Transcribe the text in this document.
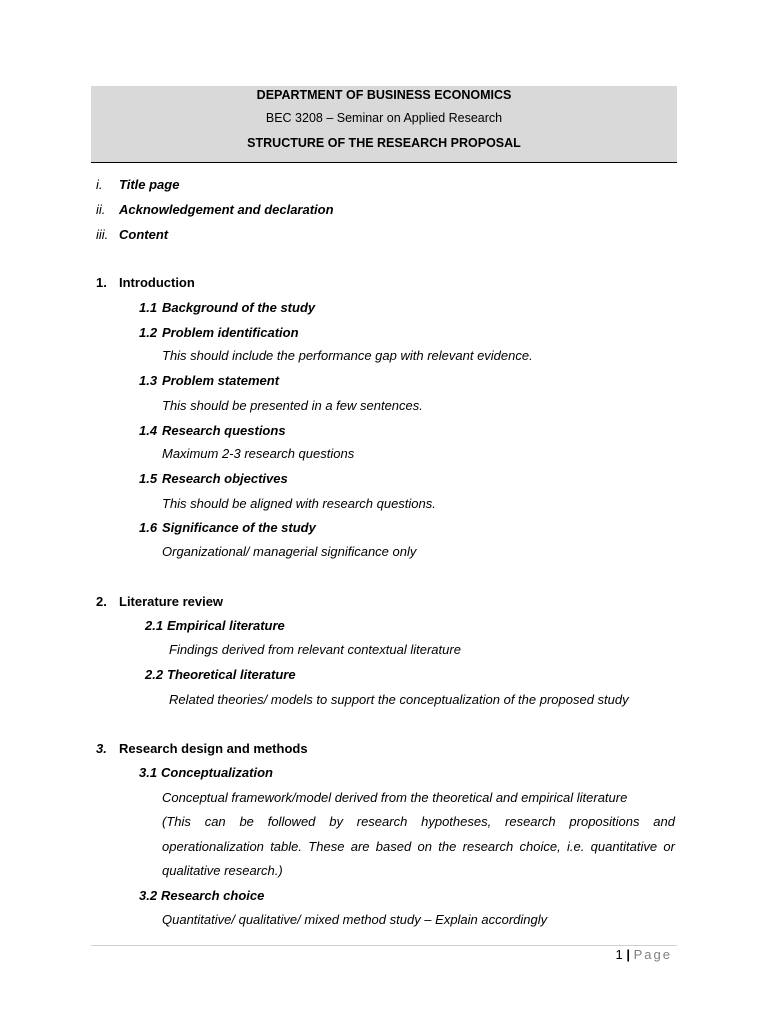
DEPARTMENT OF BUSINESS ECONOMICS
BEC 3208 – Seminar on Applied Research
STRUCTURE OF THE RESEARCH PROPOSAL
i. Title page
ii. Acknowledgement and declaration
iii. Content
1. Introduction
1.1 Background of the study
1.2 Problem identification
This should include the performance gap with relevant evidence.
1.3 Problem statement
This should be presented in a few sentences.
1.4 Research questions
Maximum 2-3 research questions
1.5 Research objectives
This should be aligned with research questions.
1.6 Significance of the study
Organizational/ managerial significance only
2. Literature review
2.1 Empirical literature
Findings derived from relevant contextual literature
2.2 Theoretical literature
Related theories/ models to support the conceptualization of the proposed study
3. Research design and methods
3.1 Conceptualization
Conceptual framework/model derived from the theoretical and empirical literature
(This can be followed by research hypotheses, research propositions and
operationalization table. These are based on the research choice, i.e. quantitative or
qualitative research.)
3.2 Research choice
Quantitative/ qualitative/ mixed method study – Explain accordingly
1 | Page
